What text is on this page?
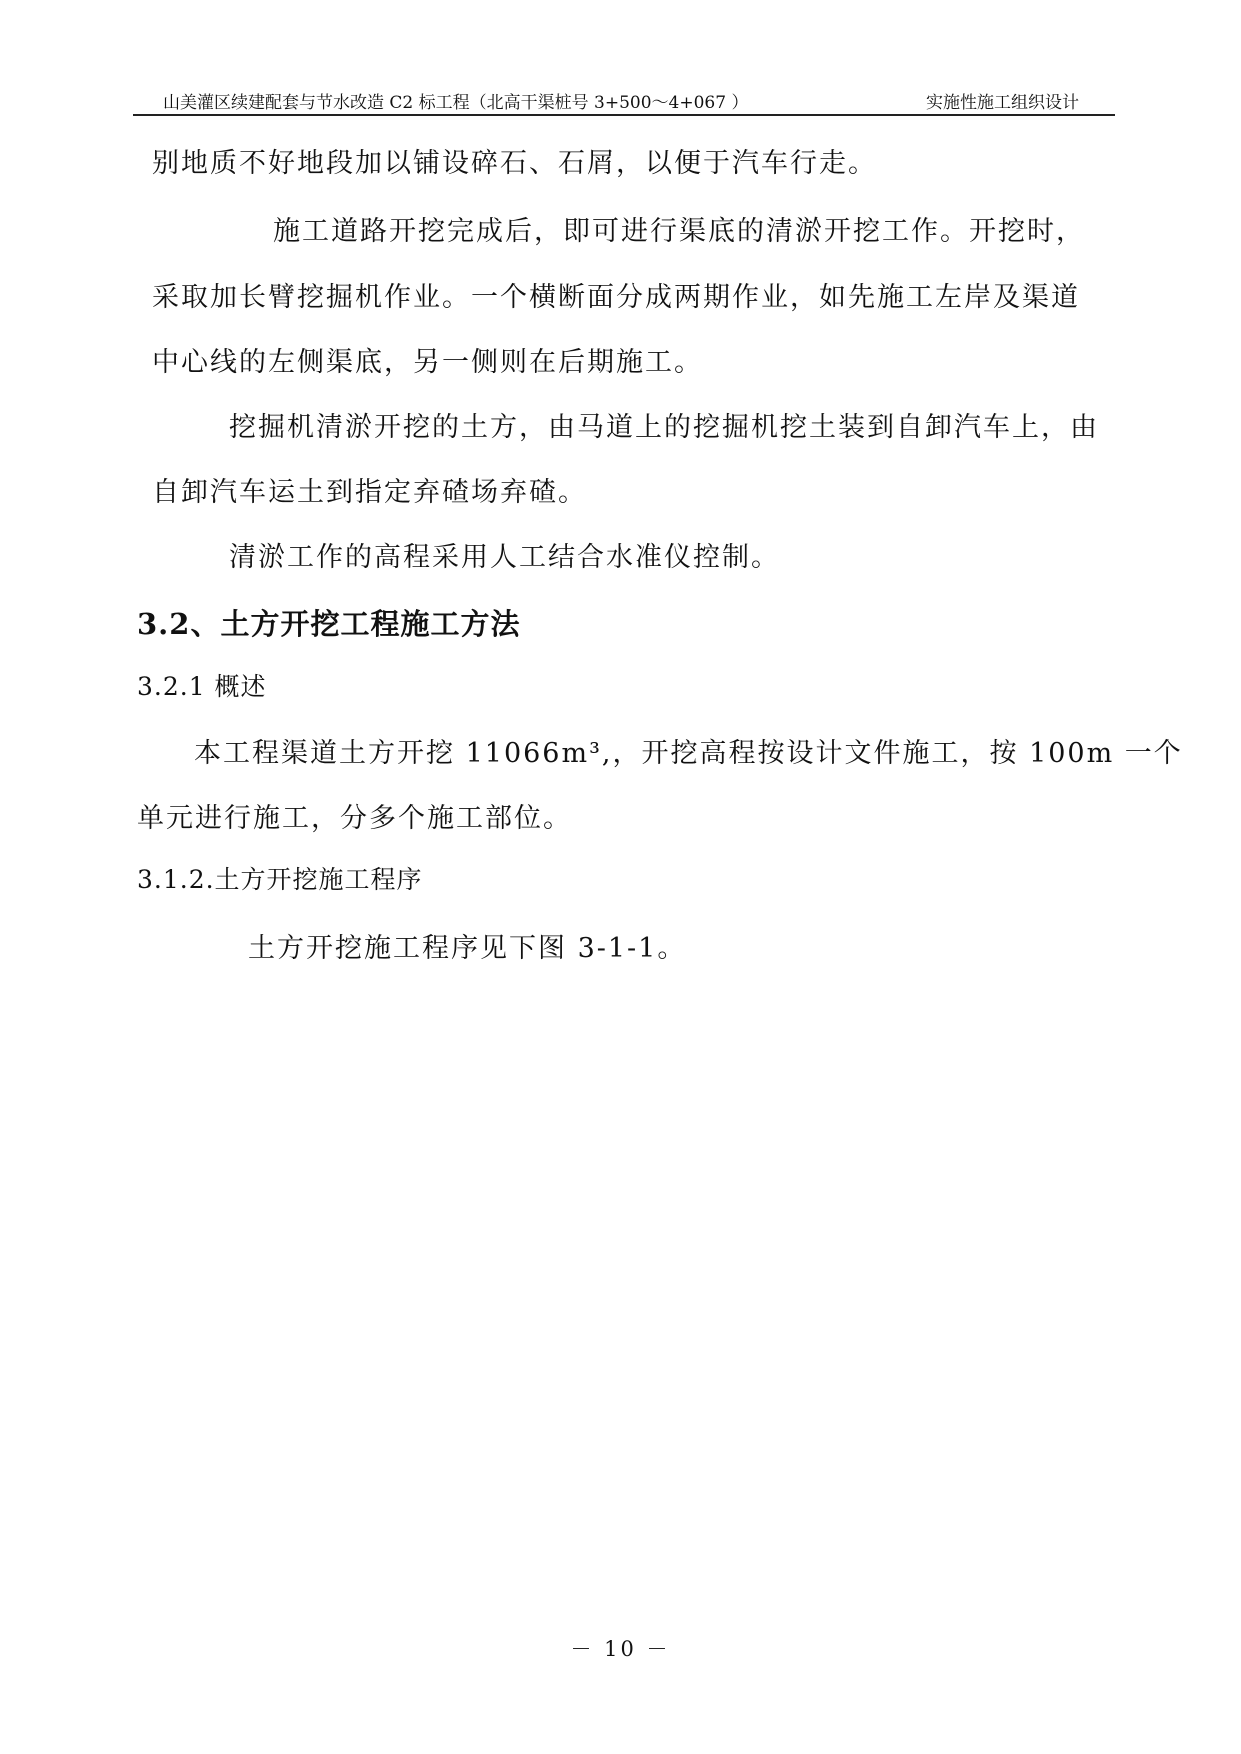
山美灌区续建配套与节水改造 C2 标工程（北高干渠桩号 3+500～4+067 ）	实施性施工组织设计
别地质不好地段加以铺设碎石、石屑，以便于汽车行走。
施工道路开挖完成后，即可进行渠底的清淤开挖工作。开挖时，
采取加长臂挖掘机作业。一个横断面分成两期作业，如先施工左岸及渠道
中心线的左侧渠底，另一侧则在后期施工。
挖掘机清淤开挖的土方，由马道上的挖掘机挖土装到自卸汽车上，由
自卸汽车运土到指定弃碴场弃碴。
清淤工作的高程采用人工结合水准仪控制。
3.2、土方开挖工程施工方法
3.2.1 概述
本工程渠道土方开挖 11066m³,，开挖高程按设计文件施工，按 100m 一个
单元进行施工，分多个施工部位。
3.1.2.土方开挖施工程序
土方开挖施工程序见下图 3-1-1。
－ 10 －
